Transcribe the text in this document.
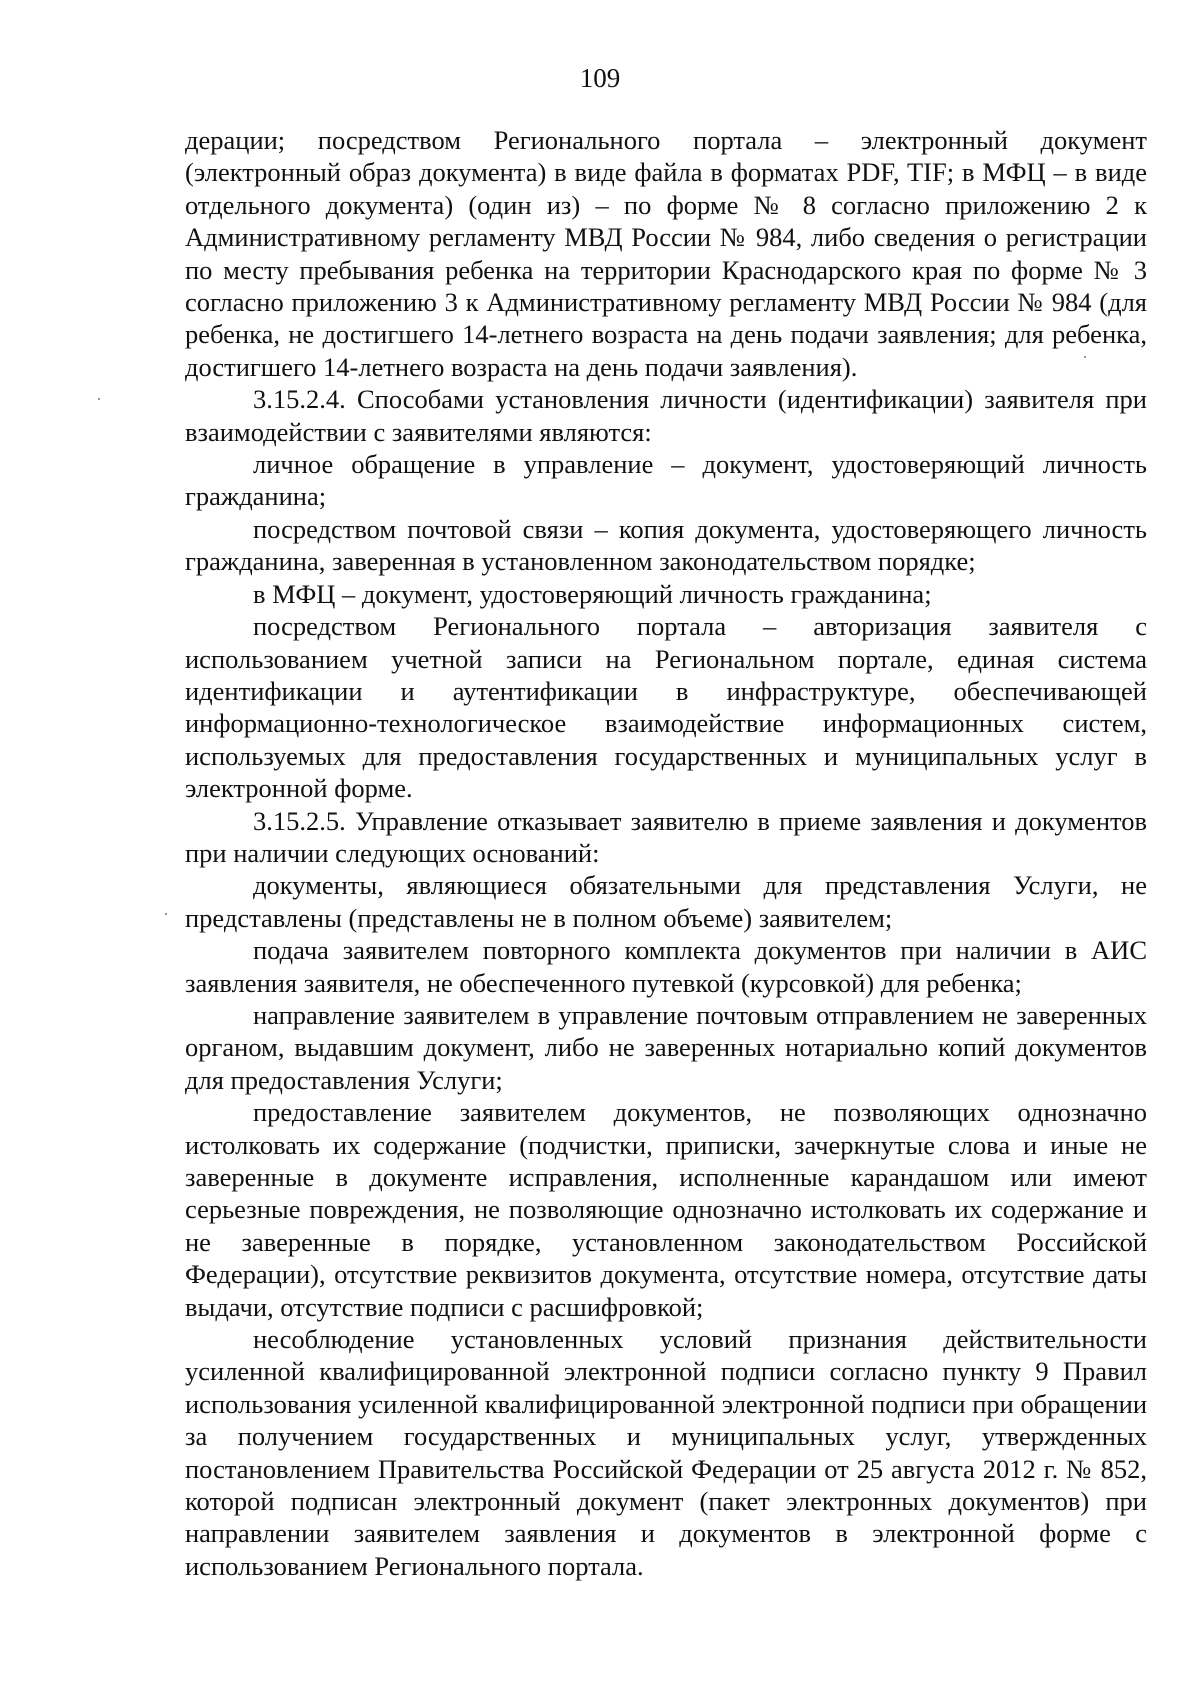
109

дерации; посредством Регионального портала – электронный документ (электронный образ документа) в виде файла в форматах PDF, TIF; в МФЦ – в виде отдельного документа) (один из) – по форме № 8 согласно приложению 2 к Административному регламенту МВД России № 984, либо сведения о регистрации по месту пребывания ребенка на территории Краснодарского края по форме № 3 согласно приложению 3 к Административному регламенту МВД России № 984 (для ребенка, не достигшего 14-летнего возраста на день подачи заявления; для ребенка, достигшего 14-летнего возраста на день подачи заявления).

3.15.2.4. Способами установления личности (идентификации) заявителя при взаимодействии с заявителями являются:

личное обращение в управление – документ, удостоверяющий личность гражданина;

посредством почтовой связи – копия документа, удостоверяющего личность гражданина, заверенная в установленном законодательством порядке;

в МФЦ – документ, удостоверяющий личность гражданина;

посредством Регионального портала – авторизация заявителя с использованием учетной записи на Региональном портале, единая система идентификации и аутентификации в инфраструктуре, обеспечивающей информационно-технологическое взаимодействие информационных систем, используемых для предоставления государственных и муниципальных услуг в электронной форме.

3.15.2.5. Управление отказывает заявителю в приеме заявления и документов при наличии следующих оснований:

документы, являющиеся обязательными для представления Услуги, не представлены (представлены не в полном объеме) заявителем;

подача заявителем повторного комплекта документов при наличии в АИС заявления заявителя, не обеспеченного путевкой (курсовкой) для ребенка;

направление заявителем в управление почтовым отправлением не заверенных органом, выдавшим документ, либо не заверенных нотариально копий документов для предоставления Услуги;

предоставление заявителем документов, не позволяющих однозначно истолковать их содержание (подчистки, приписки, зачеркнутые слова и иные не заверенные в документе исправления, исполненные карандашом или имеют серьезные повреждения, не позволяющие однозначно истолковать их содержание и не заверенные в порядке, установленном законодательством Российской Федерации), отсутствие реквизитов документа, отсутствие номера, отсутствие даты выдачи, отсутствие подписи с расшифровкой;

несоблюдение установленных условий признания действительности усиленной квалифицированной электронной подписи согласно пункту 9 Правил использования усиленной квалифицированной электронной подписи при обращении за получением государственных и муниципальных услуг, утвержденных постановлением Правительства Российской Федерации от 25 августа 2012 г. № 852, которой подписан электронный документ (пакет электронных документов) при направлении заявителем заявления и документов в электронной форме с использованием Регионального портала.
